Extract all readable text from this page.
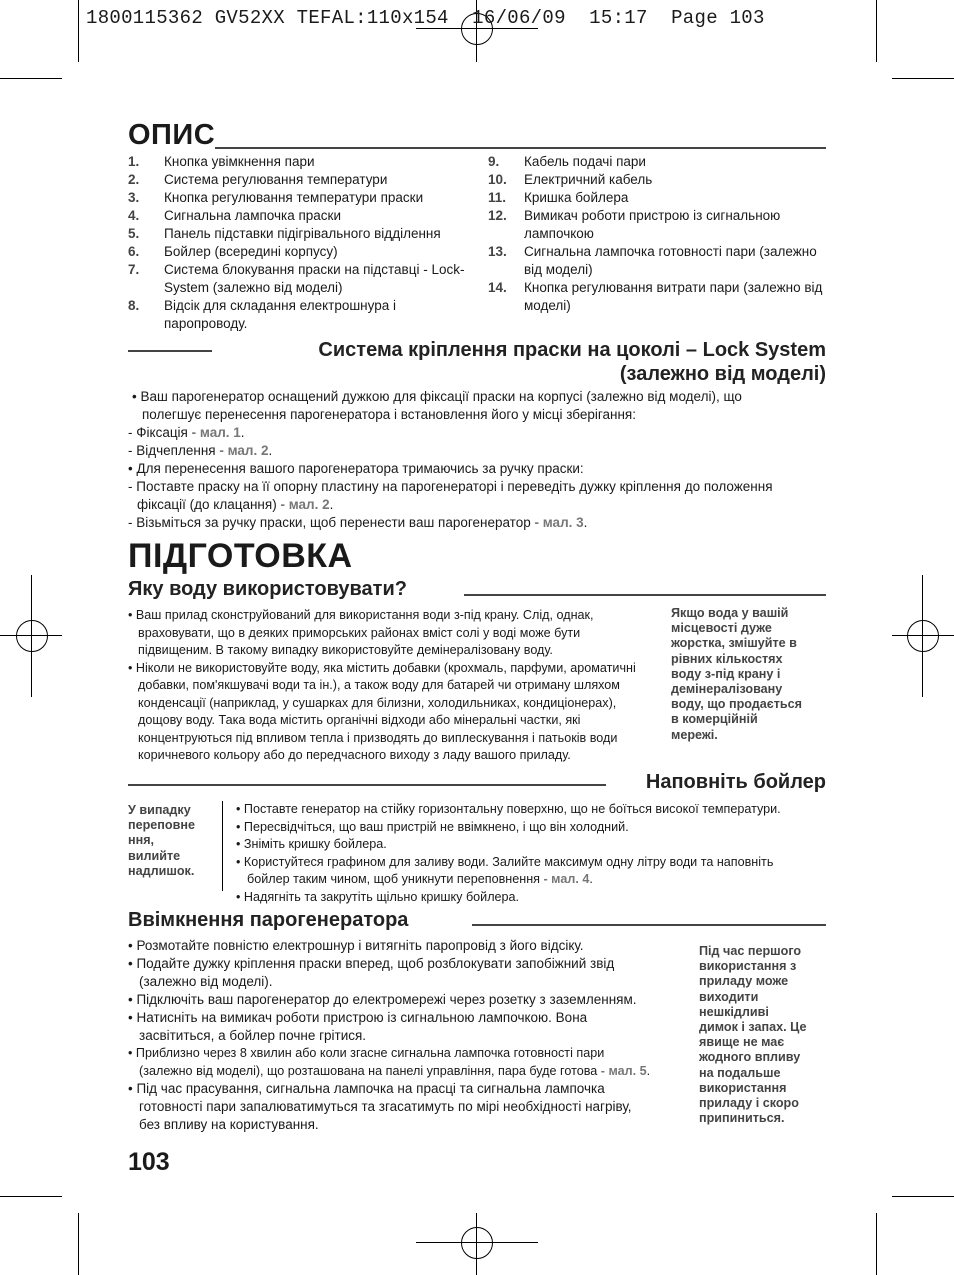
1800115362 GV52XX TEFAL:110x154  16/06/09  15:17  Page 103
ОПИС
1.	Кнопка увімкнення пари
2.	Система регулювання температури
3.	Кнопка регулювання температури праски
4.	Сигнальна лампочка праски
5.	Панель підставки підігрівального відділення
6.	Бойлер (всередині корпусу)
7.	Система блокування праски на підставці - Lock-System (залежно від моделі)
8.	Відсік для складання електрошнура і паропроводу.
9.	Кабель подачі пари
10.	Електричний кабель
11.	Кришка бойлера
12.	Вимикач роботи пристрою із сигнальною лампочкою
13.	Сигнальна лампочка готовності пари (залежно від моделі)
14.	Кнопка регулювання витрати пари (залежно від моделі)
Система кріплення праски на цоколі – Lock System
(залежно від моделі)
• Ваш парогенератор оснащений дужкою для фіксації праски на корпусі (залежно від моделі), що
полегшує перенесення парогенератора і встановлення його у місці зберігання:
- Фіксація - мал. 1.
- Відчеплення - мал. 2.
• Для перенесення вашого парогенератора тримаючись за ручку праски:
- Поставте праску на її опорну пластину на парогенераторі і переведіть дужку кріплення до положення
фіксації (до клацання) - мал. 2.
- Візьміться за ручку праски, щоб перенести ваш парогенератор - мал. 3.
ПІДГОТОВКА
Яку воду використовувати?
• Ваш прилад сконструйований для використання води з-під крану. Слід, однак,
враховувати, що в деяких приморських районах вміст солі у воді може бути
підвищеним. В такому випадку використовуйте демінералізовану воду.
• Ніколи не використовуйте воду, яка містить добавки (крохмаль, парфуми, ароматичні
добавки, пом'якшувачі води та ін.), а також воду для батарей чи отриману шляхом
конденсації (наприклад, у сушарках для білизни, холодильниках, кондиціонерах),
дощову воду. Така вода містить органічні відходи або мінеральні частки, які
концентруються під впливом тепла і призводять до виплескування і патьоків води
коричневого кольору або до передчасного виходу з ладу вашого приладу.
Якщо вода у вашій
місцевості дуже
жорстка, змішуйте в
рівних кількостях
воду з-під крану і
демінералізовану
воду, що продається
в комерційній
мережі.
Наповніть бойлер
У випадку
переповне
ння,
вилийте
надлишок.
• Поставте генератор на стійку горизонтальну поверхню, що не боїться високої температури.
• Пересвідчіться, що ваш пристрій не ввімкнено, і що він холодний.
• Зніміть кришку бойлера.
• Користуйтеся графином для заливу води. Залийте максимум одну літру води та наповніть
бойлер таким чином, щоб уникнути переповнення - мал. 4.
• Надягніть та закрутіть щільно кришку бойлера.
Ввімкнення парогенератора
• Розмотайте повністю електрошнур і витягніть паропровід з його відсіку.
• Подайте дужку кріплення праски вперед, щоб розблокувати запобіжний звід
(залежно від моделі).
• Підключіть ваш парогенератор до електромережі через розетку з заземленням.
• Натисніть на вимикач роботи пристрою із сигнальною лампочкою. Вона
засвітиться, а бойлер почне грітися.
• Приблизно через 8 хвилин або коли згасне сигнальна лампочка готовності пари
(залежно від моделі), що розташована на панелі управління, пара буде готова - мал. 5.
• Під час прасування, сигнальна лампочка на прасці та сигнальна лампочка
готовності пари запалюватимуться та згасатимуть по мірі необхідності нагріву,
без впливу на користування.
Під час першого
використання з
приладу може
виходити
нешкідливі
димок і запах. Це
явище не має
жодного впливу
на подальше
використання
приладу і скоро
припиниться.
103
